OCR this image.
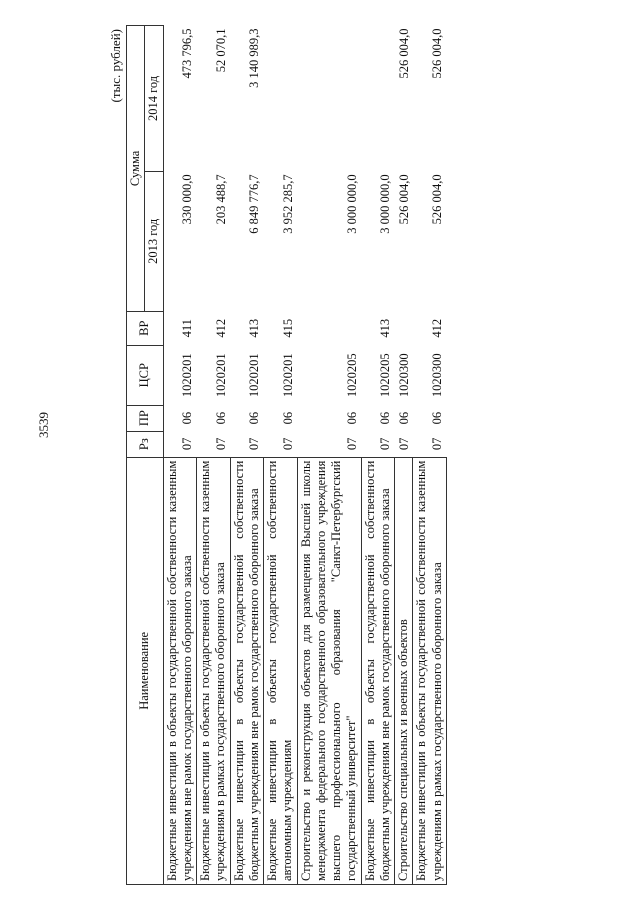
3539
(тыс. рублей)
Наименование	Рз	ПР	ЦСР	ВР	Сумма	
					2013 год	2014 год
Бюджетные инвестиции в объекты государственной собственности казенным учреждениям вне рамок государственного оборонного заказа	07	06	1020201	411	330 000,0	473 796,5
Бюджетные инвестиции в объекты государственной собственности казенным учреждениям в рамках государственного оборонного заказа	07	06	1020201	412	203 488,7	52 070,1
Бюджетные инвестиции в объекты государственной собственности бюджетным учреждениям вне рамок государственного оборонного заказа	07	06	1020201	413	6 849 776,7	3 140 989,3
Бюджетные инвестиции в объекты государственной собственности автономным учреждениям	07	06	1020201	415	3 952 285,7	
Строительство и реконструкция объектов для размещения Высшей школы менеджмента федерального государственного образовательного учреждения высшего профессионального образования "Санкт-Петербургский государственный университет"	07	06	1020205		3 000 000,0	
Бюджетные инвестиции в объекты государственной собственности бюджетным учреждениям вне рамок государственного оборонного заказа	07	06	1020205	413	3 000 000,0	
Строительство специальных и военных объектов	07	06	1020300		526 004,0	526 004,0
Бюджетные инвестиции в объекты государственной собственности казенным учреждениям в рамках государственного оборонного заказа	07	06	1020300	412	526 004,0	526 004,0
